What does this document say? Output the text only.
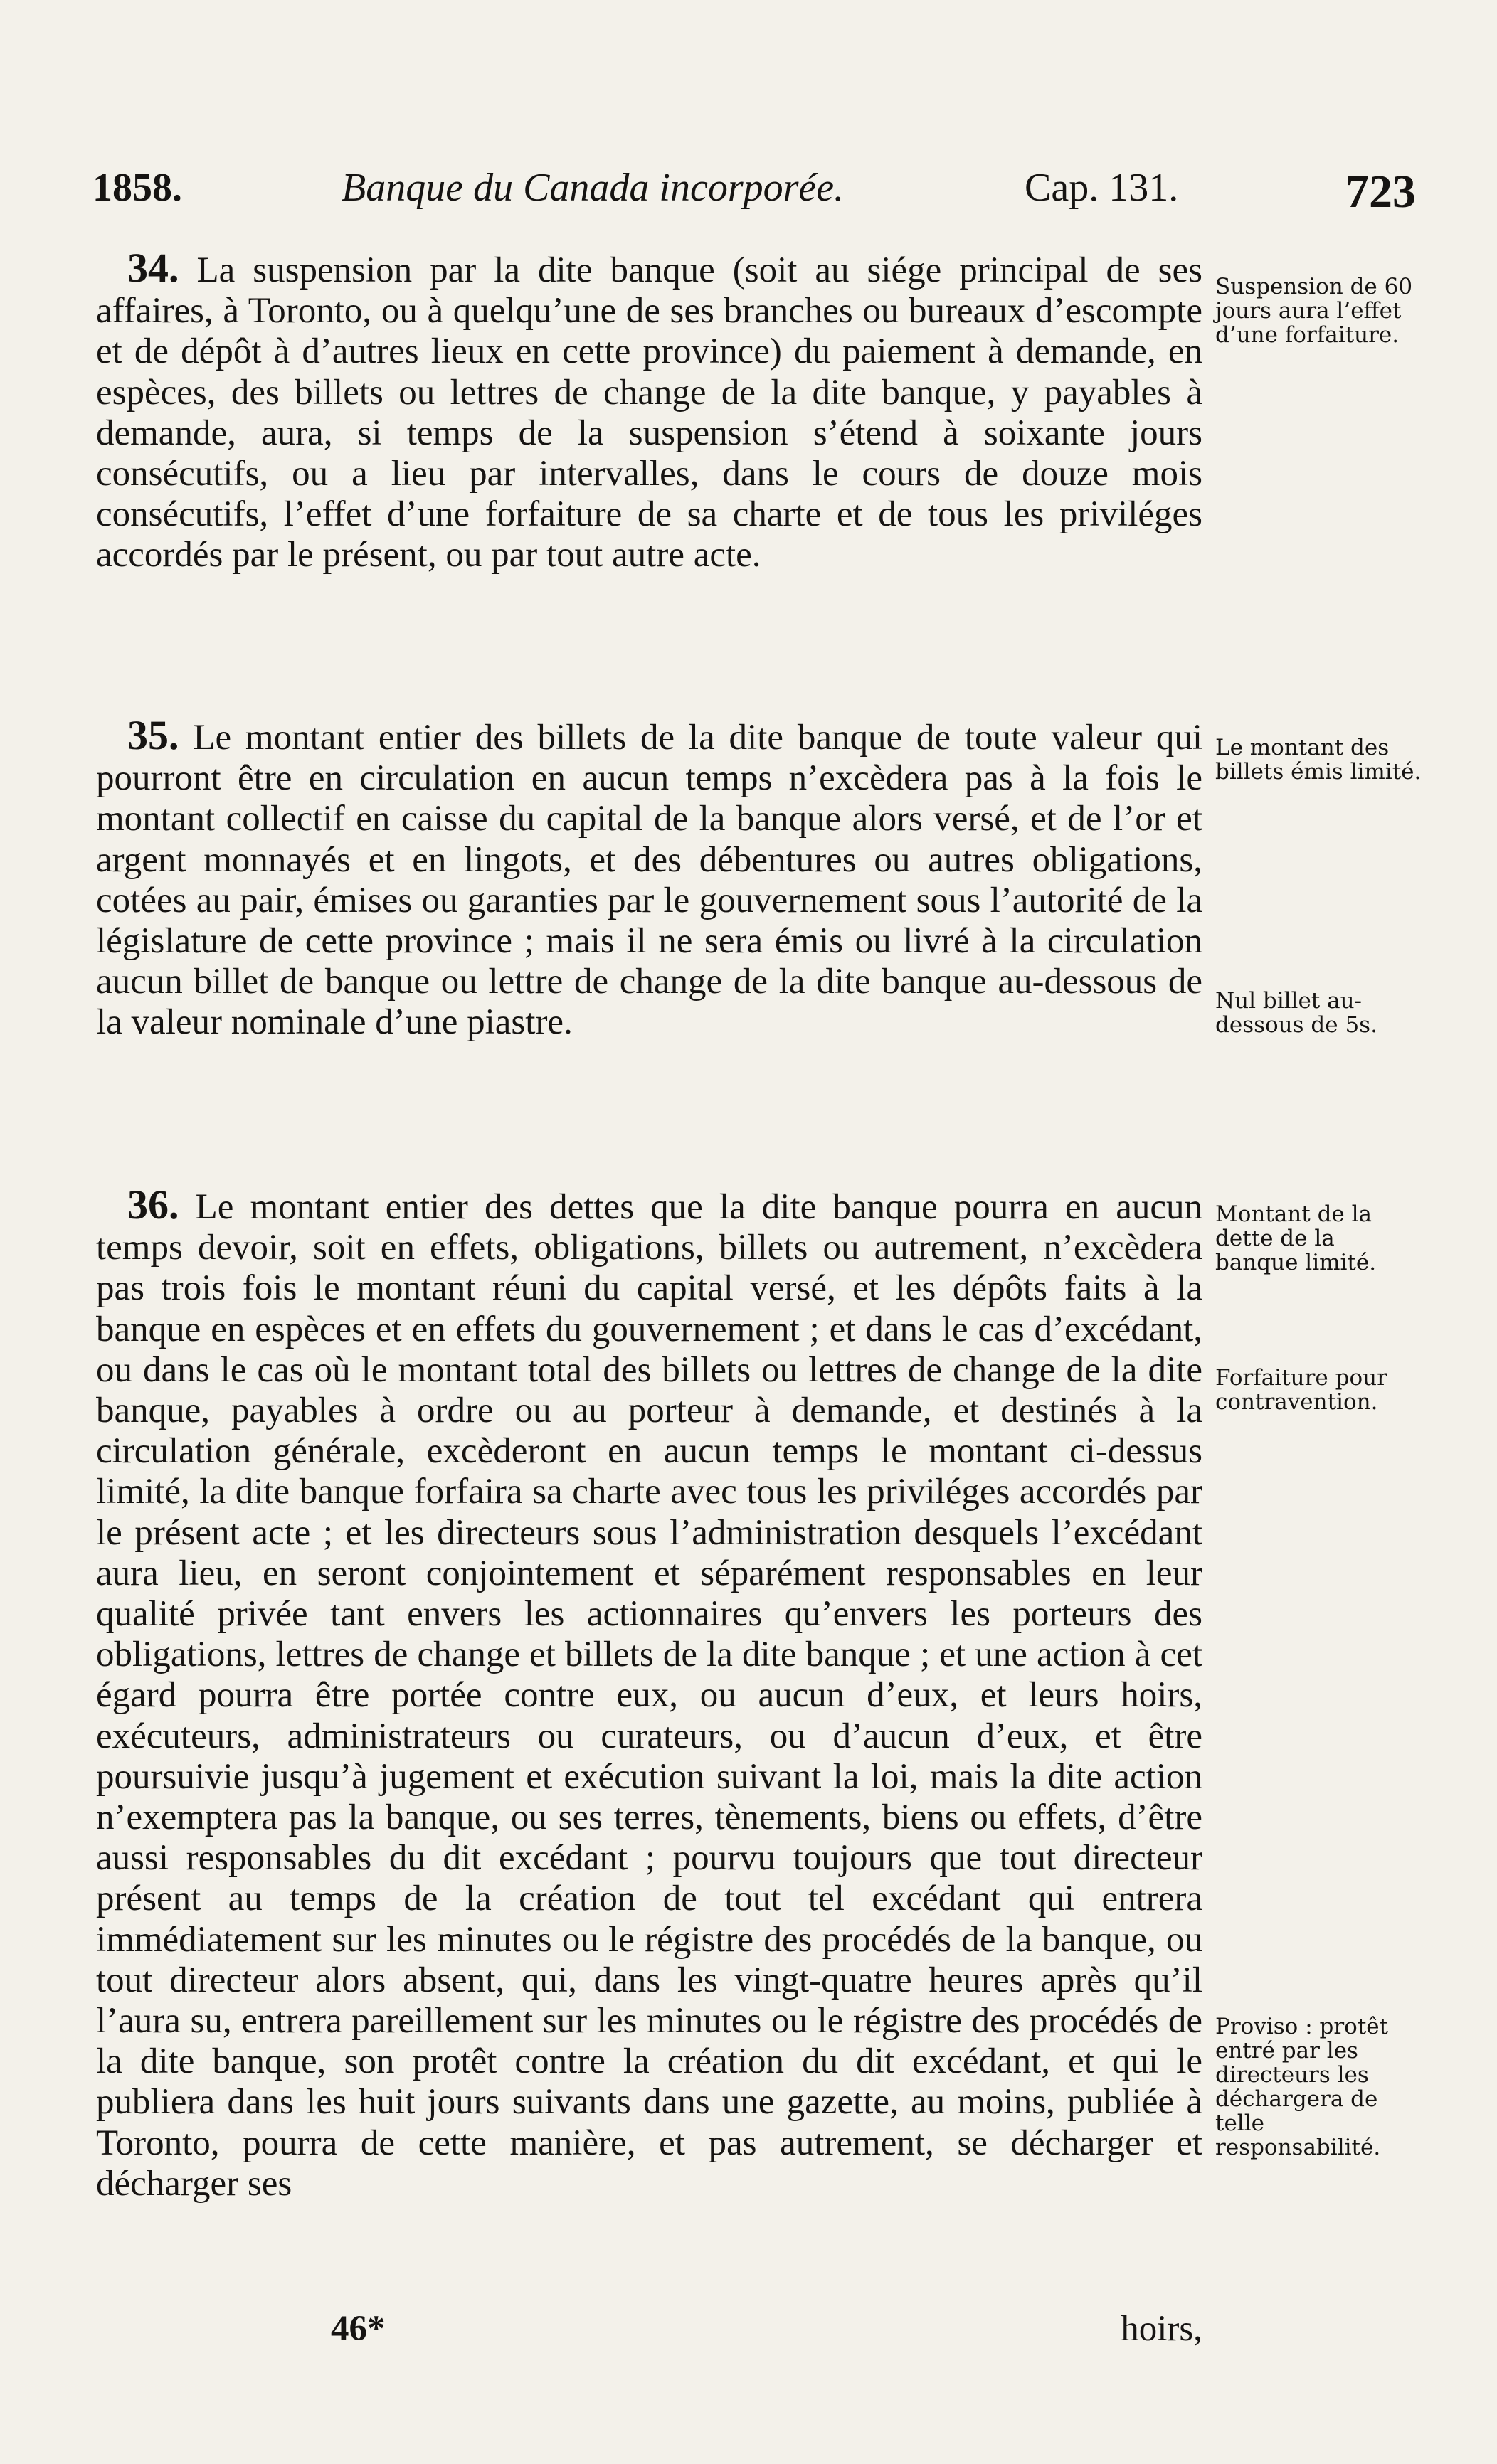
1858.	Banque du Canada incorporée.	Cap. 131.	723

34. La suspension par la dite banque (soit au siége principal de ses affaires, à Toronto, ou à quelqu’une de ses branches ou bureaux d’escompte et de dépôt à d’autres lieux en cette province) du paiement à demande, en espèces, des billets ou lettres de change de la dite banque, y payables à demande, aura, si temps de la suspension s’étend à soixante jours consécutifs, ou a lieu par intervalles, dans le cours de douze mois consécutifs, l’effet d’une forfaiture de sa charte et de tous les priviléges accordés par le présent, ou par tout autre acte.

Suspension de 60 jours aura l’effet d’une forfaiture.

35. Le montant entier des billets de la dite banque de toute valeur qui pourront être en circulation en aucun temps n’excèdera pas à la fois le montant collectif en caisse du capital de la banque alors versé, et de l’or et argent monnayés et en lingots, et des débentures ou autres obligations, cotées au pair, émises ou garanties par le gouvernement sous l’autorité de la législature de cette province ; mais il ne sera émis ou livré à la circulation aucun billet de banque ou lettre de change de la dite banque au-dessous de la valeur nominale d’une piastre.

Le montant des billets émis limité.
Nul billet au-dessous de 5s.

36. Le montant entier des dettes que la dite banque pourra en aucun temps devoir, soit en effets, obligations, billets ou autrement, n’excèdera pas trois fois le montant réuni du capital versé, et les dépôts faits à la banque en espèces et en effets du gouvernement ; et dans le cas d’excédant, ou dans le cas où le montant total des billets ou lettres de change de la dite banque, payables à ordre ou au porteur à demande, et destinés à la circulation générale, excèderont en aucun temps le montant ci-dessus limité, la dite banque forfaira sa charte avec tous les priviléges accordés par le présent acte ; et les directeurs sous l’administration desquels l’excédant aura lieu, en seront conjointement et séparément responsables en leur qualité privée tant envers les actionnaires qu’envers les porteurs des obligations, lettres de change et billets de la dite banque ; et une action à cet égard pourra être portée contre eux, ou aucun d’eux, et leurs hoirs, exécuteurs, administrateurs ou curateurs, ou d’aucun d’eux, et être poursuivie jusqu’à jugement et exécution suivant la loi, mais la dite action n’exemptera pas la banque, ou ses terres, tènements, biens ou effets, d’être aussi responsables du dit excédant ; pourvu toujours que tout directeur présent au temps de la création de tout tel excédant qui entrera immédiatement sur les minutes ou le régistre des procédés de la banque, ou tout directeur alors absent, qui, dans les vingt-quatre heures après qu’il l’aura su, entrera pareillement sur les minutes ou le régistre des procédés de la dite banque, son protêt contre la création du dit excédant, et qui le publiera dans les huit jours suivants dans une gazette, au moins, publiée à Toronto, pourra de cette manière, et pas autrement, se décharger et décharger ses

Montant de la dette de la banque limité.
Forfaiture pour contravention.
Proviso : protêt entré par les directeurs les déchargera de telle responsabilité.
46*	hoirs,
